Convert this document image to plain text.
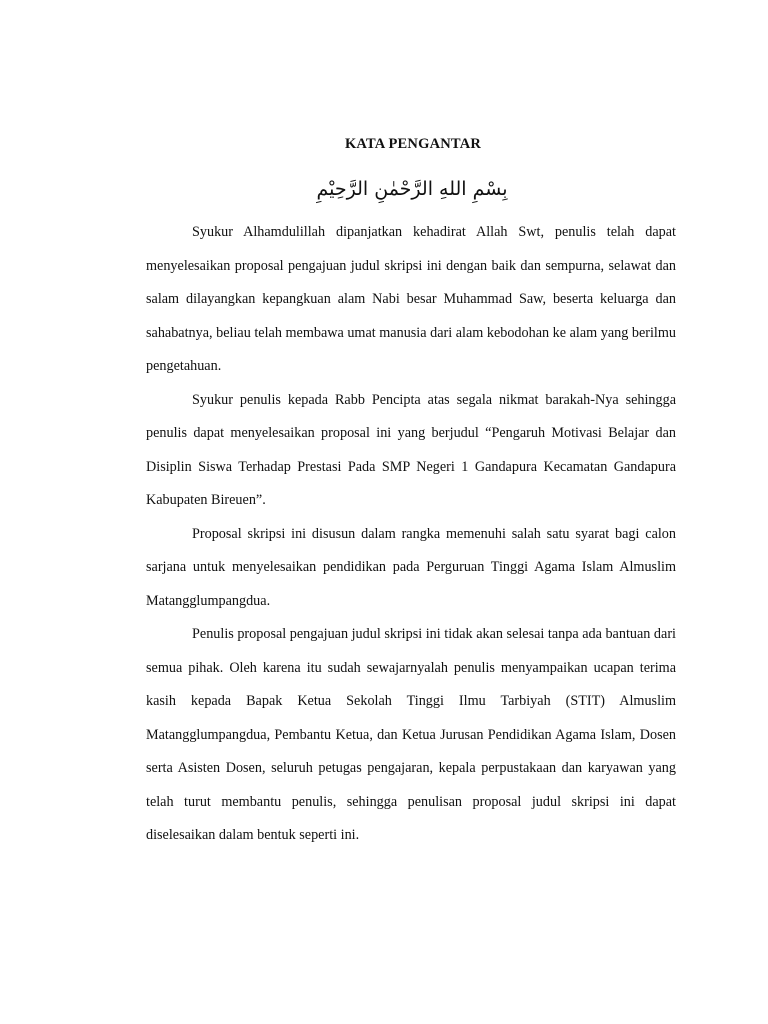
KATA PENGANTAR
بِسْمِ اللهِ الرَّحْمٰنِ الرَّحِيْمِ

Syukur Alhamdulillah dipanjatkan kehadirat Allah Swt, penulis telah dapat menyelesaikan proposal pengajuan judul skripsi ini dengan baik dan sempurna, selawat dan salam dilayangkan kepangkuan alam Nabi besar Muhammad Saw, beserta keluarga dan sahabatnya, beliau telah membawa umat manusia dari alam kebodohan ke alam yang berilmu pengetahuan.

Syukur penulis kepada Rabb Pencipta atas segala nikmat barakah-Nya sehingga penulis dapat menyelesaikan proposal ini yang berjudul “Pengaruh Motivasi Belajar dan Disiplin Siswa Terhadap Prestasi Pada SMP Negeri 1 Gandapura Kecamatan Gandapura Kabupaten Bireuen”.

Proposal skripsi ini disusun dalam rangka memenuhi salah satu syarat bagi calon sarjana untuk menyelesaikan pendidikan pada Perguruan Tinggi Agama Islam Almuslim Matangglumpangdua.

Penulis proposal pengajuan judul skripsi ini tidak akan selesai tanpa ada bantuan dari semua pihak. Oleh karena itu sudah sewajarnyalah penulis menyampaikan ucapan terima kasih kepada Bapak Ketua Sekolah Tinggi Ilmu Tarbiyah (STIT) Almuslim Matangglumpangdua, Pembantu Ketua, dan Ketua Jurusan Pendidikan Agama Islam, Dosen serta Asisten Dosen, seluruh petugas pengajaran, kepala perpustakaan dan karyawan yang telah turut membantu penulis, sehingga penulisan proposal judul skripsi ini dapat diselesaikan dalam bentuk seperti ini.
